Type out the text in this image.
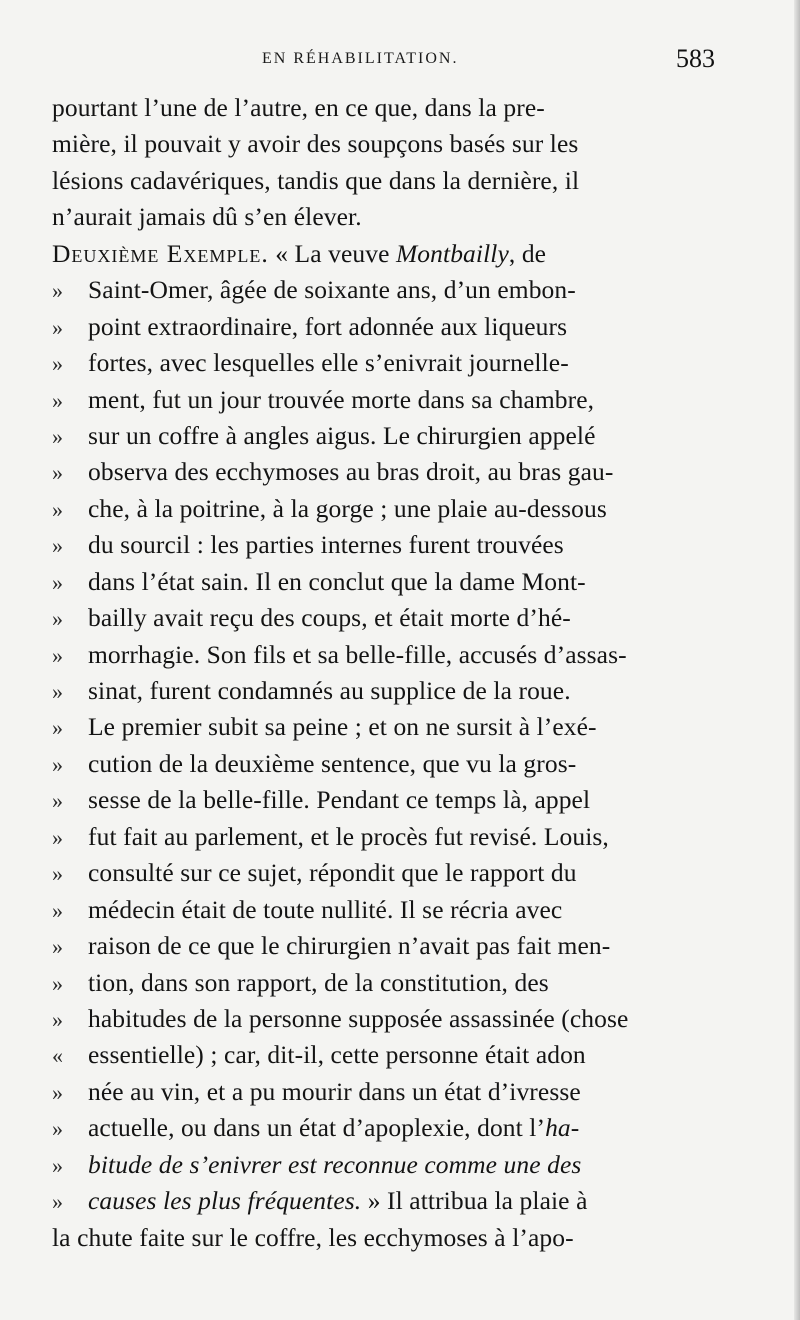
EN RÉHABILITATION.	583
pourtant l’une de l’autre, en ce que, dans la pre-
mière, il pouvait y avoir des soupçons basés sur les
lésions cadavériques, tandis que dans la dernière, il
n’aurait jamais dû s’en élever.
Deuxième Exemple. « La veuve Montbailly, de
» Saint-Omer, âgée de soixante ans, d’un embon-
» point extraordinaire, fort adonnée aux liqueurs
» fortes, avec lesquelles elle s’enivrait journelle-
» ment, fut un jour trouvée morte dans sa chambre,
» sur un coffre à angles aigus. Le chirurgien appelé
» observa des ecchymoses au bras droit, au bras gau-
» che, à la poitrine, à la gorge ; une plaie au-dessous
» du sourcil : les parties internes furent trouvées
» dans l’état sain. Il en conclut que la dame Mont-
» bailly avait reçu des coups, et était morte d’hé-
» morrhagie. Son fils et sa belle-fille, accusés d’assas-
» sinat, furent condamnés au supplice de la roue.
» Le premier subit sa peine ; et on ne sursit à l’exé-
» cution de la deuxième sentence, que vu la gros-
» sesse de la belle-fille. Pendant ce temps là, appel
» fut fait au parlement, et le procès fut revisé. Louis,
» consulté sur ce sujet, répondit que le rapport du
» médecin était de toute nullité. Il se récria avec
» raison de ce que le chirurgien n’avait pas fait men-
» tion, dans son rapport, de la constitution, des
» habitudes de la personne supposée assassinée (chose
« essentielle) ; car, dit-il, cette personne était adon
» née au vin, et a pu mourir dans un état d’ivresse
» actuelle, ou dans un état d’apoplexie, dont l’ha-
» bitude de s’enivrer est reconnue comme une des
» causes les plus fréquentes. » Il attribua la plaie à
la chute faite sur le coffre, les ecchymoses à l’apo-
